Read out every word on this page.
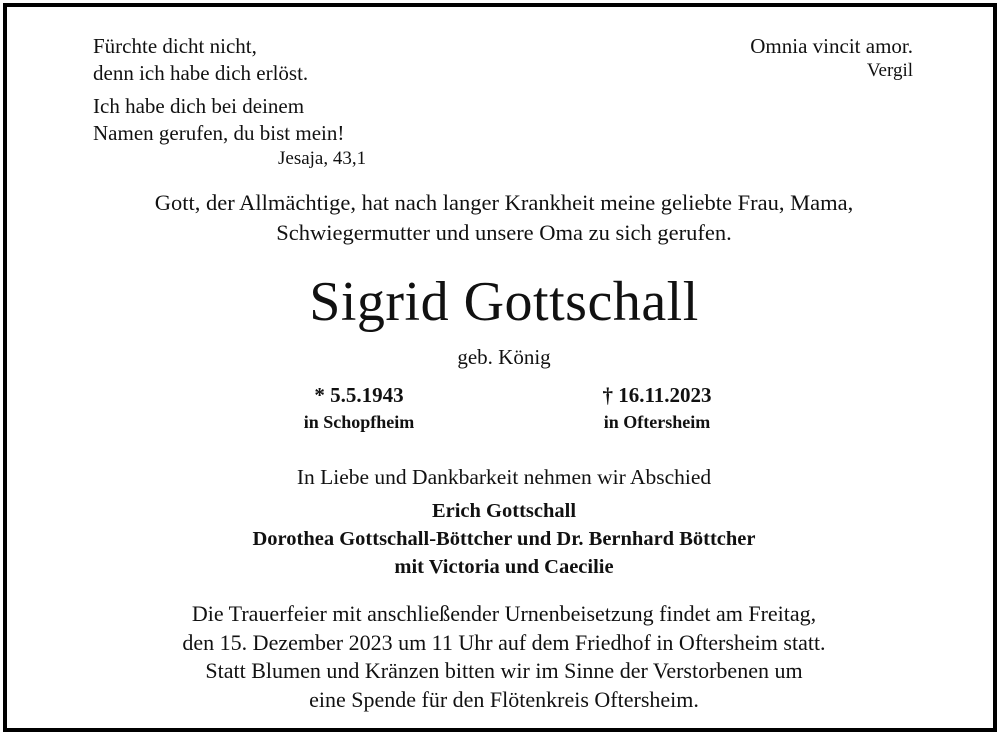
Fürchte dicht nicht,
denn ich habe dich erlöst.
Ich habe dich bei deinem
Namen gerufen, du bist mein!
Jesaja, 43,1
Omnia vincit amor.
Vergil
Gott, der Allmächtige, hat nach langer Krankheit meine geliebte Frau, Mama,
Schwiegermutter und unsere Oma zu sich gerufen.
Sigrid Gottschall
geb. König
* 5.5.1943
in Schopfheim
† 16.11.2023
in Oftersheim
In Liebe und Dankbarkeit nehmen wir Abschied
Erich Gottschall
Dorothea Gottschall-Böttcher und Dr. Bernhard Böttcher
mit Victoria und Caecilie
Die Trauerfeier mit anschließender Urnenbeisetzung findet am Freitag,
den 15. Dezember 2023 um 11 Uhr auf dem Friedhof in Oftersheim statt.
Statt Blumen und Kränzen bitten wir im Sinne der Verstorbenen um
eine Spende für den Flötenkreis Oftersheim.
